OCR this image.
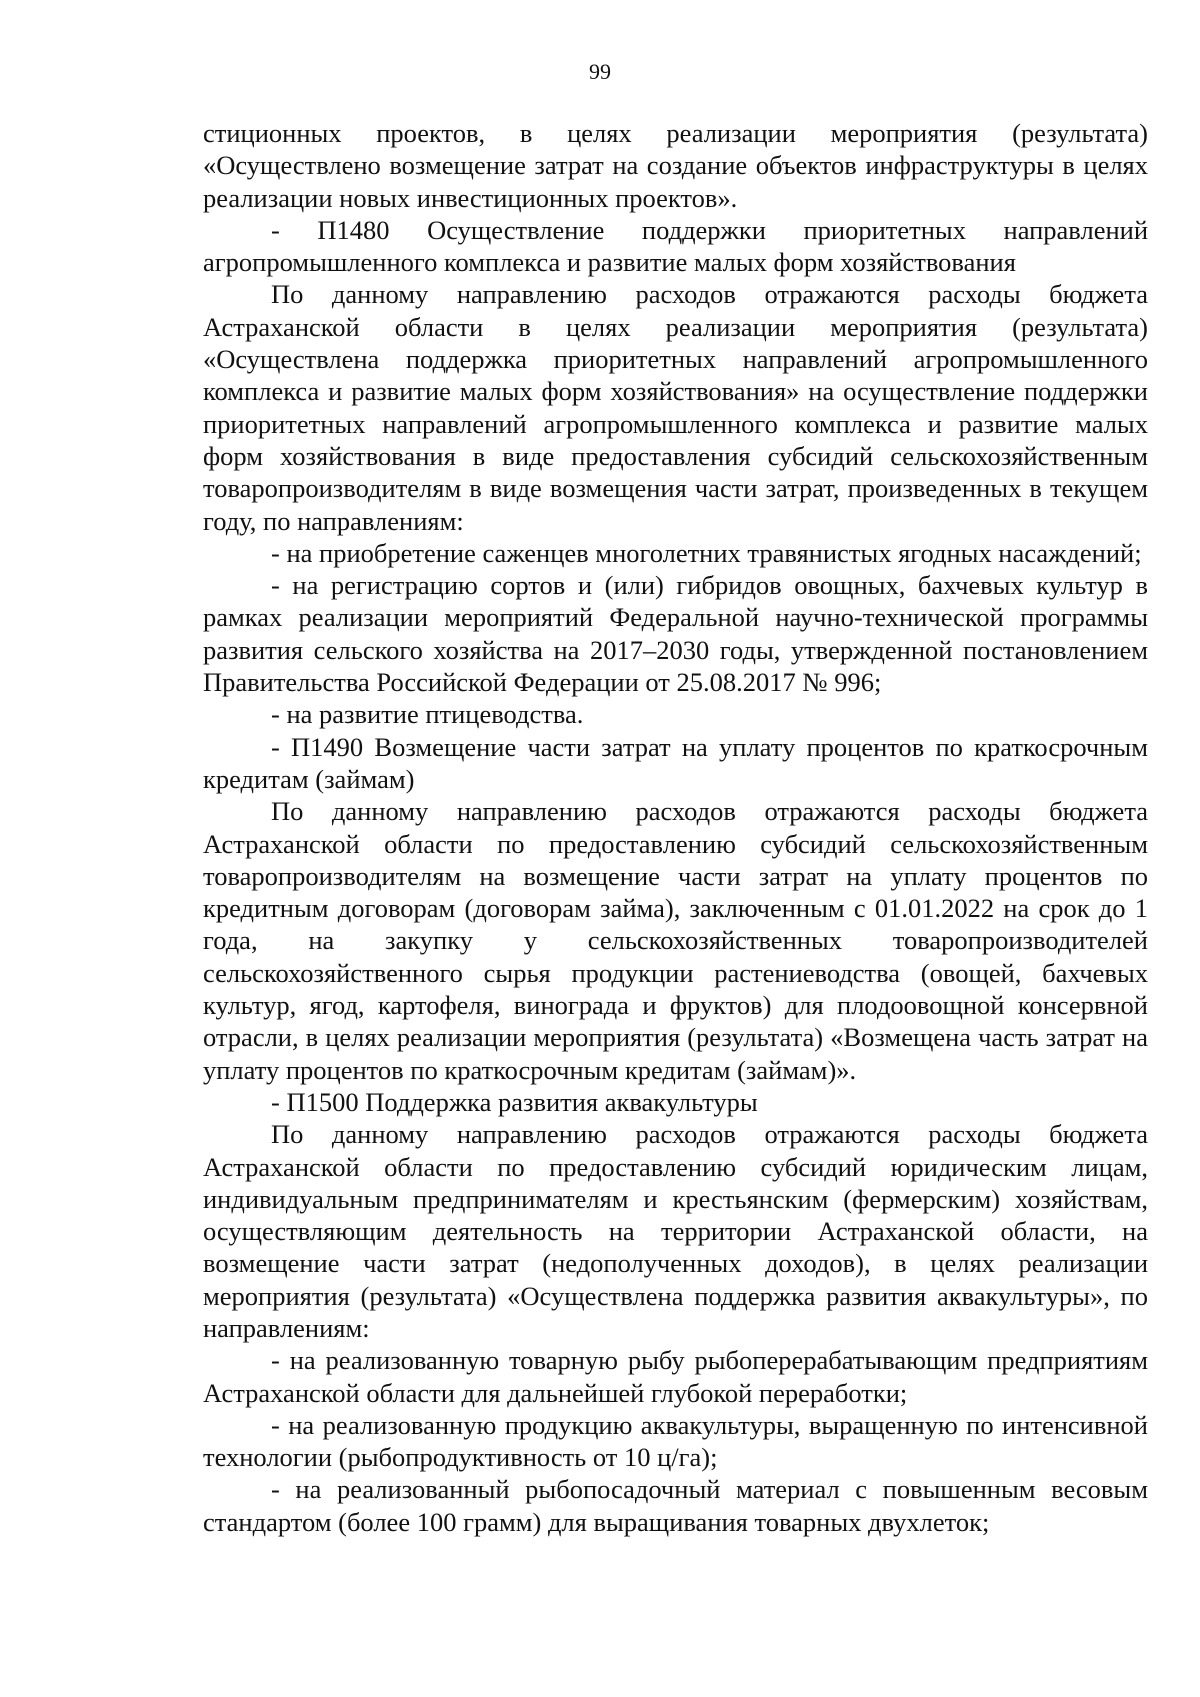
99

стиционных проектов, в целях реализации мероприятия (результата) «Осуществлено возмещение затрат на создание объектов инфраструктуры в целях реализации новых инвестиционных проектов».

- П1480 Осуществление поддержки приоритетных направлений агропромышленного комплекса и развитие малых форм хозяйствования

По данному направлению расходов отражаются расходы бюджета Астраханской области в целях реализации мероприятия (результата) «Осуществлена поддержка приоритетных направлений агропромышленного комплекса и развитие малых форм хозяйствования» на осуществление поддержки приоритетных направлений агропромышленного комплекса и развитие малых форм хозяйствования в виде предоставления субсидий сельскохозяйственным товаропроизводителям в виде возмещения части затрат, произведенных в текущем году, по направлениям:

- на приобретение саженцев многолетних травянистых ягодных насаждений;

- на регистрацию сортов и (или) гибридов овощных, бахчевых культур в рамках реализации мероприятий Федеральной научно-технической программы развития сельского хозяйства на 2017–2030 годы, утвержденной постановлением Правительства Российской Федерации от 25.08.2017 № 996;

- на развитие птицеводства.

- П1490 Возмещение части затрат на уплату процентов по краткосрочным кредитам (займам)

По данному направлению расходов отражаются расходы бюджета Астраханской области по предоставлению субсидий сельскохозяйственным товаропроизводителям на возмещение части затрат на уплату процентов по кредитным договорам (договорам займа), заключенным с 01.01.2022 на срок до 1 года, на закупку у сельскохозяйственных товаропроизводителей сельскохозяйственного сырья продукции растениеводства (овощей, бахчевых культур, ягод, картофеля, винограда и фруктов) для плодоовощной консервной отрасли, в целях реализации мероприятия (результата) «Возмещена часть затрат на уплату процентов по краткосрочным кредитам (займам)».

- П1500 Поддержка развития аквакультуры

По данному направлению расходов отражаются расходы бюджета Астраханской области по предоставлению субсидий юридическим лицам, индивидуальным предпринимателям и крестьянским (фермерским) хозяйствам, осуществляющим деятельность на территории Астраханской области, на возмещение части затрат (недополученных доходов), в целях реализации мероприятия (результата) «Осуществлена поддержка развития аквакультуры», по направлениям:

- на реализованную товарную рыбу рыбоперерабатывающим предприятиям Астраханской области для дальнейшей глубокой переработки;

- на реализованную продукцию аквакультуры, выращенную по интенсивной технологии (рыбопродуктивность от 10 ц/га);

- на реализованный рыбопосадочный материал с повышенным весовым стандартом (более 100 грамм) для выращивания товарных двухлеток;
